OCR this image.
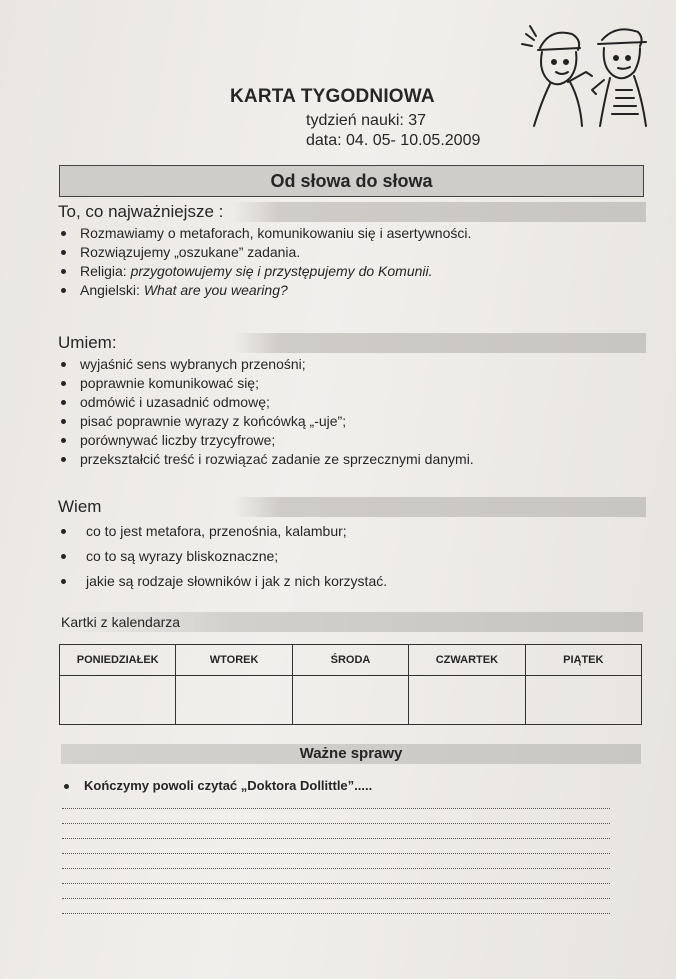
KARTA TYGODNIOWA
tydzień nauki: 37
data: 04. 05- 10.05.2009
Od słowa do słowa
To, co najważniejsze :
Rozmawiamy o metaforach, komunikowaniu się i asertywności.
Rozwiązujemy „oszukane” zadania.
Religia: przygotowujemy się i przystępujemy do Komunii.
Angielski: What are you wearing?
Umiem:
wyjaśnić sens wybranych przenośni;
poprawnie komunikować się;
odmówić i uzasadnić odmowę;
pisać poprawnie wyrazy z końcówką „-uje”;
porównywać liczby trzycyfrowe;
przekształcić treść i rozwiązać zadanie ze sprzecznymi danymi.
Wiem
co to jest metafora, przenośnia, kalambur;
co to są wyrazy bliskoznaczne;
jakie są rodzaje słowników i jak z nich korzystać.
Kartki z kalendarza
PONIEDZIAŁEK	WTOREK	ŚRODA	CZWARTEK	PIĄTEK

Ważne sprawy
Kończymy powoli czytać „Doktora Dollittle”.....
